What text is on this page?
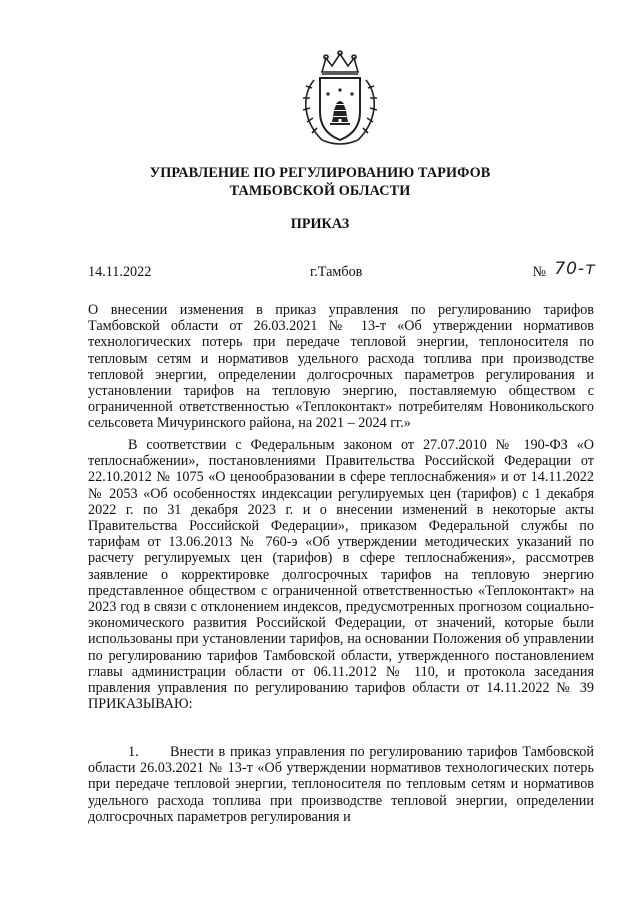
УПРАВЛЕНИЕ ПО РЕГУЛИРОВАНИЮ ТАРИФОВ
ТАМБОВСКОЙ ОБЛАСТИ
ПРИКАЗ
14.11.2022	г.Тамбов	№ 70-т

О внесении изменения в приказ управления по регулированию тарифов Тамбовской области от 26.03.2021 № 13-т «Об утверждении нормативов технологических потерь при передаче тепловой энергии, теплоносителя по тепловым сетям и нормативов удельного расхода топлива при производстве тепловой энергии, определении долгосрочных параметров регулирования и установлении тарифов на тепловую энергию, поставляемую обществом с ограниченной ответственностью «Теплоконтакт» потребителям Новоникольского сельсовета Мичуринского района, на 2021 – 2024 гг.»

В соответствии с Федеральным законом от 27.07.2010 № 190-ФЗ «О теплоснабжении», постановлениями Правительства Российской Федерации от 22.10.2012 № 1075 «О ценообразовании в сфере теплоснабжения» и от 14.11.2022 № 2053 «Об особенностях индексации регулируемых цен (тарифов) с 1 декабря 2022 г. по 31 декабря 2023 г. и о внесении изменений в некоторые акты Правительства Российской Федерации», приказом Федеральной службы по тарифам от 13.06.2013 № 760-э «Об утверждении методических указаний по расчету регулируемых цен (тарифов) в сфере теплоснабжения», рассмотрев заявление о корректировке долгосрочных тарифов на тепловую энергию представленное обществом с ограниченной ответственностью «Теплоконтакт» на 2023 год в связи с отклонением индексов, предусмотренных прогнозом социально-экономического развития Российской Федерации, от значений, которые были использованы при установлении тарифов, на основании Положения об управлении по регулированию тарифов Тамбовской области, утвержденного постановлением главы администрации области от 06.11.2012 № 110, и протокола заседания правления управления по регулированию тарифов области от 14.11.2022 № 39 ПРИКАЗЫВАЮ:

1. Внести в приказ управления по регулированию тарифов Тамбовской области 26.03.2021 № 13-т «Об утверждении нормативов технологических потерь при передаче тепловой энергии, теплоносителя по тепловым сетям и нормативов удельного расхода топлива при производстве тепловой энергии, определении долгосрочных параметров регулирования и
